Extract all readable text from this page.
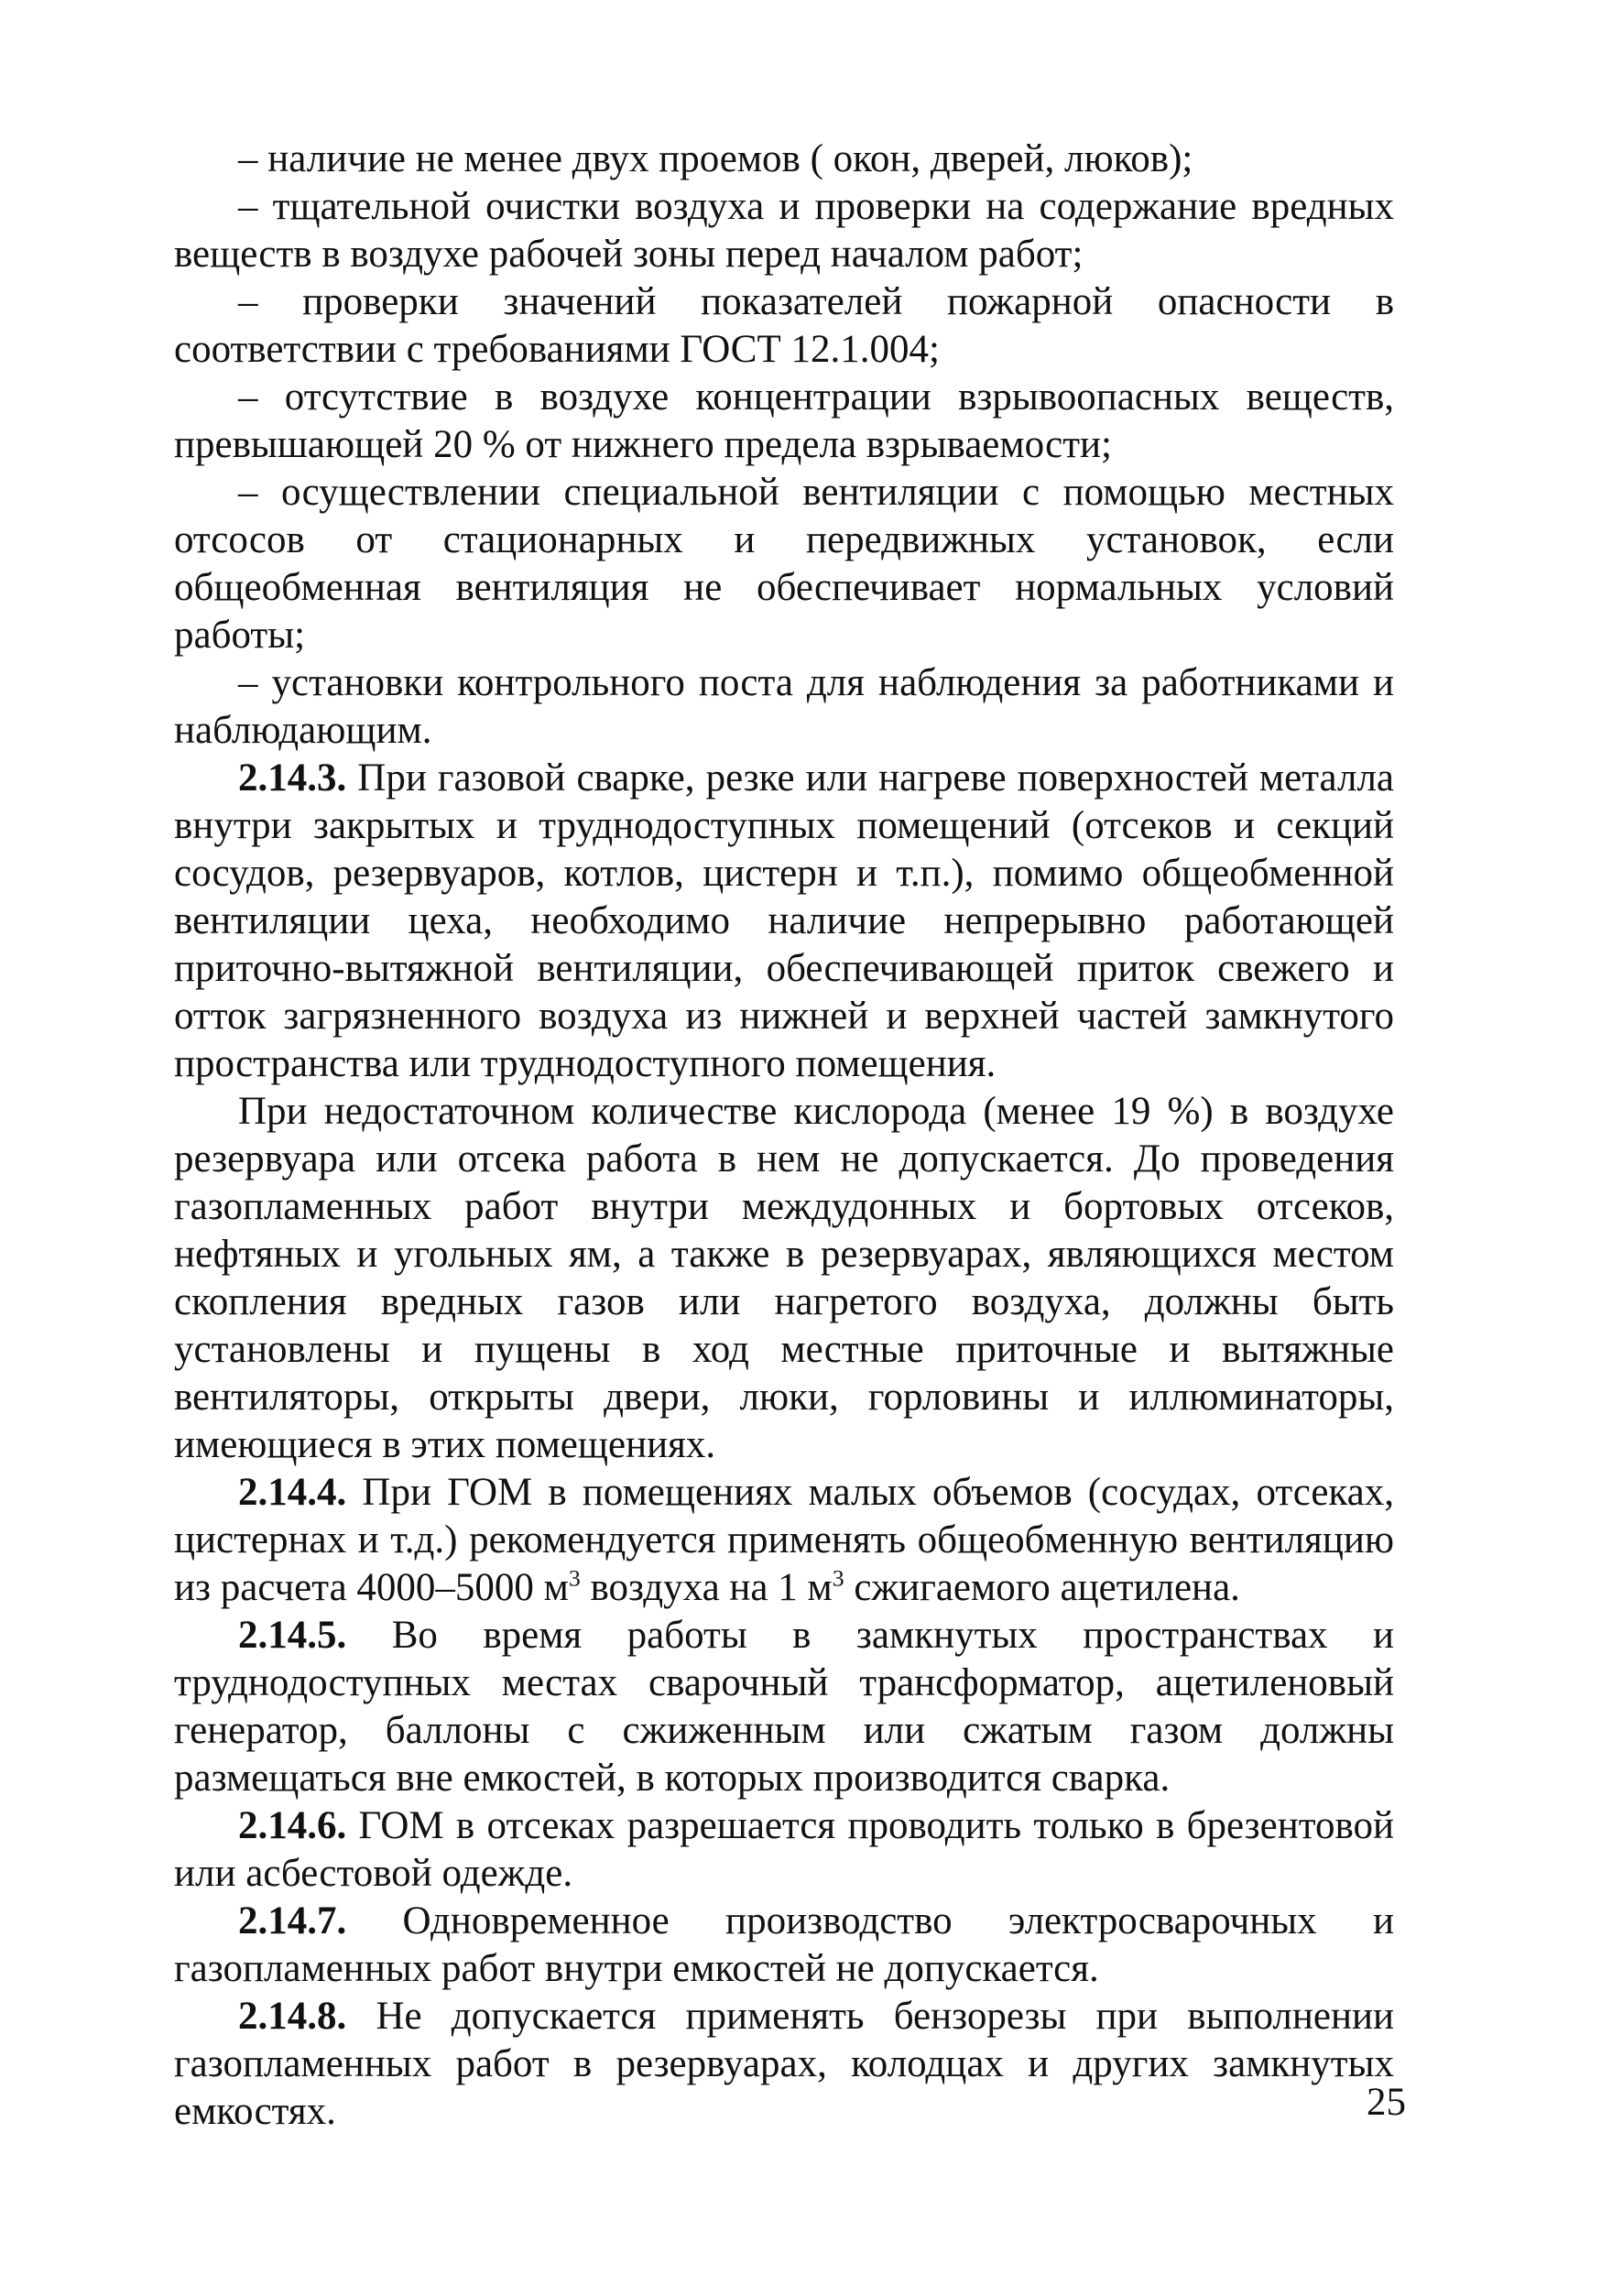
– наличие не менее двух проемов ( окон, дверей, люков);

– тщательной очистки воздуха и проверки на содержание вредных веществ в воздухе рабочей зоны перед началом работ;

– проверки значений показателей пожарной опасности в соответствии с требованиями ГОСТ 12.1.004;

– отсутствие в воздухе концентрации взрывоопасных веществ, превышающей 20 % от нижнего предела взрываемости;

– осуществлении специальной вентиляции с помощью местных отсосов от стационарных и передвижных установок, если общеобменная вентиляция не обеспечивает нормальных условий работы;

– установки контрольного поста для наблюдения за работниками и наблюдающим.

2.14.3. При газовой сварке, резке или нагреве поверхностей металла внутри закрытых и труднодоступных помещений (отсеков и секций сосудов, резервуаров, котлов, цистерн и т.п.), помимо общеобменной вентиляции цеха, необходимо наличие непрерывно работающей приточно-вытяжной вентиляции, обеспечивающей приток свежего и отток загрязненного воздуха из нижней и верхней частей замкнутого пространства или труднодоступного помещения.

При недостаточном количестве кислорода (менее 19 %) в воздухе резервуара или отсека работа в нем не допускается. До проведения газопламенных работ внутри междудонных и бортовых отсеков, нефтяных и угольных ям, а также в резервуарах, являющихся местом скопления вредных газов или нагретого воздуха, должны быть установлены и пущены в ход местные приточные и вытяжные вентиляторы, открыты двери, люки, горловины и иллюминаторы, имеющиеся в этих помещениях.

2.14.4. При ГОМ в помещениях малых объемов (сосудах, отсеках, цистернах и т.д.) рекомендуется применять общеобменную вентиляцию из расчета 4000–5000 $м^3$ воздуха на 1 $м^3$ сжигаемого ацетилена.

2.14.5. Во время работы в замкнутых пространствах и труднодоступных местах сварочный трансформатор, ацетиленовый генератор, баллоны с сжиженным или сжатым газом должны размещаться вне емкостей, в которых производится сварка.

2.14.6. ГОМ в отсеках разрешается проводить только в брезентовой или асбестовой одежде.

2.14.7. Одновременное производство электросварочных и газопламенных работ внутри емкостей не допускается.

2.14.8. Не допускается применять бензорезы при выполнении газопламенных работ в резервуарах, колодцах и других замкнутых емкостях.	25
